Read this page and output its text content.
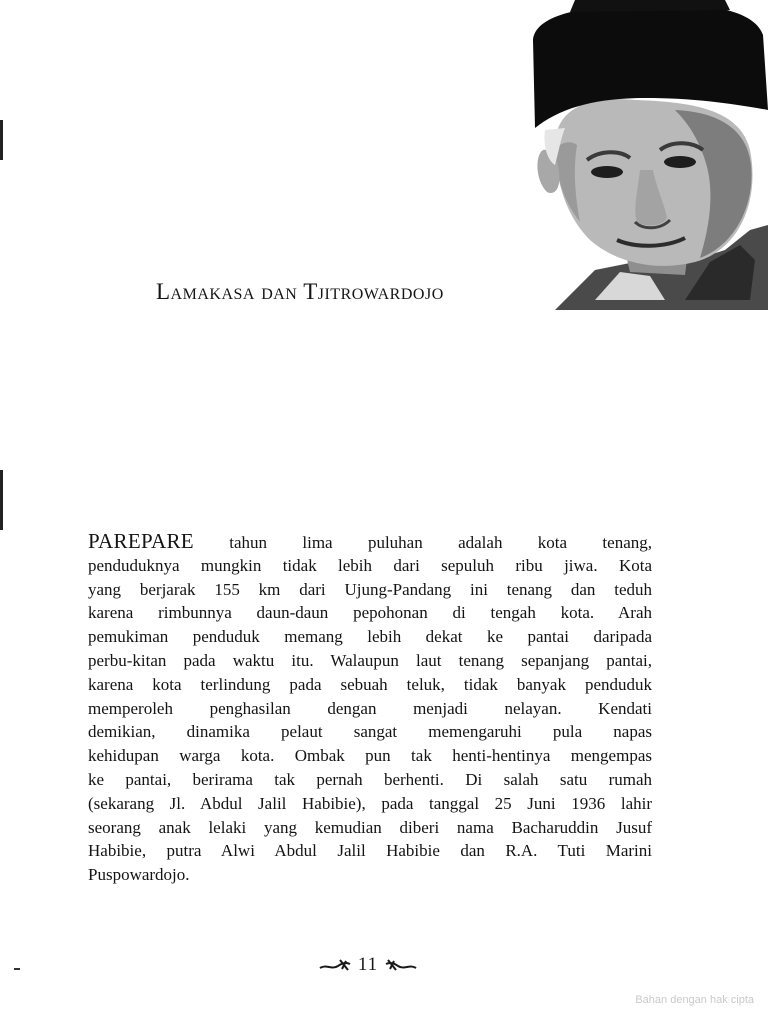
Lamakasa dan Tjitrowardojo
PAREPARE tahun lima puluhan adalah kota tenang,
penduduknya mungkin tidak lebih dari sepuluh ribu jiwa. Kota
yang berjarak 155 km dari Ujung-Pandang ini tenang dan teduh
karena rimbunnya daun-daun pepohonan di tengah kota. Arah
pemukiman penduduk memang lebih dekat ke pantai daripada
perbu-kitan pada waktu itu. Walaupun laut tenang sepanjang pantai,
karena kota terlindung pada sebuah teluk, tidak banyak penduduk
memperoleh penghasilan dengan menjadi nelayan. Kendati
demikian, dinamika pelaut sangat memengaruhi pula napas
kehidupan warga kota. Ombak pun tak henti-hentinya mengempas
ke pantai, berirama tak pernah berhenti. Di salah satu rumah
(sekarang Jl. Abdul Jalil Habibie), pada tanggal 25 Juni 1936 lahir
seorang anak lelaki yang kemudian diberi nama Bacharuddin Jusuf
Habibie, putra Alwi Abdul Jalil Habibie dan R.A. Tuti Marini
Puspowardojo.
11
Bahan dengan hak cipta
